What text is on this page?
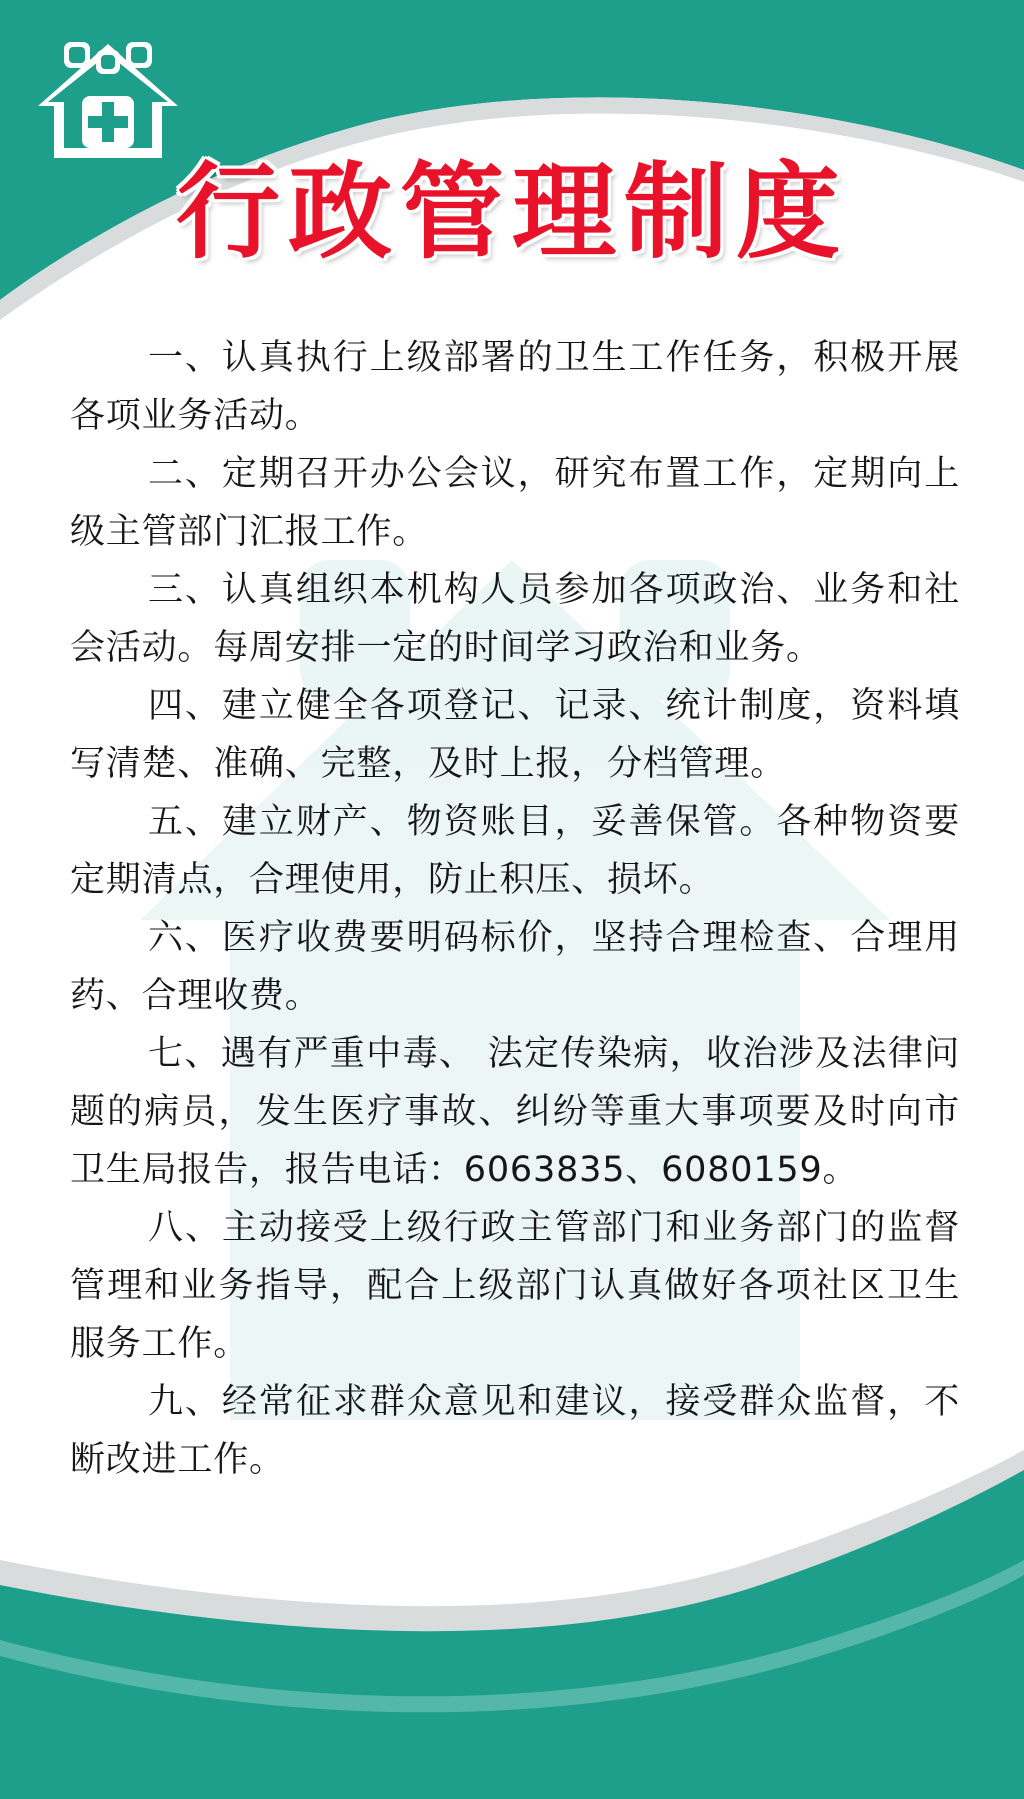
行政管理制度

一、认真执行上级部署的卫生工作任务，积极开展各项业务活动。

二、定期召开办公会议，研究布置工作，定期向上级主管部门汇报工作。

三、认真组织本机构人员参加各项政治、业务和社会活动。每周安排一定的时间学习政治和业务。

四、建立健全各项登记、记录、统计制度，资料填写清楚、准确、完整，及时上报，分档管理。

五、建立财产、物资账目，妥善保管。各种物资要定期清点，合理使用，防止积压、损坏。

六、医疗收费要明码标价，坚持合理检查、合理用药、合理收费。

七、遇有严重中毒、 法定传染病，收治涉及法律问题的病员，发生医疗事故、纠纷等重大事项要及时向市卫生局报告，报告电话：6063835、6080159。

八、主动接受上级行政主管部门和业务部门的监督管理和业务指导，配合上级部门认真做好各项社区卫生服务工作。

九、经常征求群众意见和建议，接受群众监督，不断改进工作。
